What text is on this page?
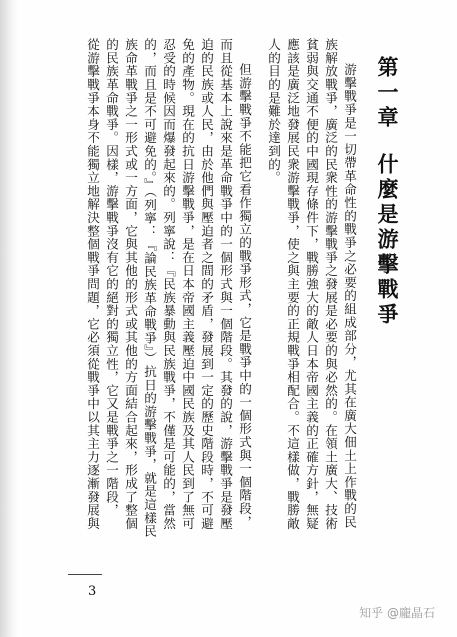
第一章什麼是游擊戰爭
游擊戰爭是一切帶革命性的戰爭之必要的組成部分，尤其在廣大佃土上作戰的民
族解放戰爭，廣泛的民衆性的游擊戰爭之發展是必要的與必然的。在領土廣大、技術
貧弱與交通不便的中國現存條件下，戰勝強大的敵人日本帝國主義的正確方針，無疑
應該是廣泛地發展民衆游擊戰爭，使之與主要的正規戰爭相配合。不這樣做，戰勝敵
人的目的是難於達到的。
但游擊戰爭不能把它看作獨立的戰爭形式，它是戰爭中的一個形式與一個階段，
而且從基本上說來是革命戰爭中的一個形式與一個階段。其發的說，游擊戰爭是發壓
迫的民族或人民，由於他們與壓迫者之間的矛盾，發展到一定的歷史階段時，不可避
免的產物。現在的抗日游擊戰爭，是在日本帝國主義壓迫中國民族及其人民到了無可
忍受的時候因而爆發起來的。列寧說：『民族暴動與民族戰爭，不僅是可能的，當然
的，而且是不可避免的。』（列寧：『論民族革命戰爭』）抗日的游擊戰爭，就是這樣民
族命革戰爭之一形式或一方面，它與其他的形式或其他的方面結合起來，形成了整個
的民族革命戰爭。因樣，游擊戰爭沒有它的絕對的獨立性，它又是戰爭之一階段，
從游擊戰爭本身不能獨立地解決整個戰爭問題，它必須從戰爭中以其主力逐漸發展與
3
知乎 @龐晶石
